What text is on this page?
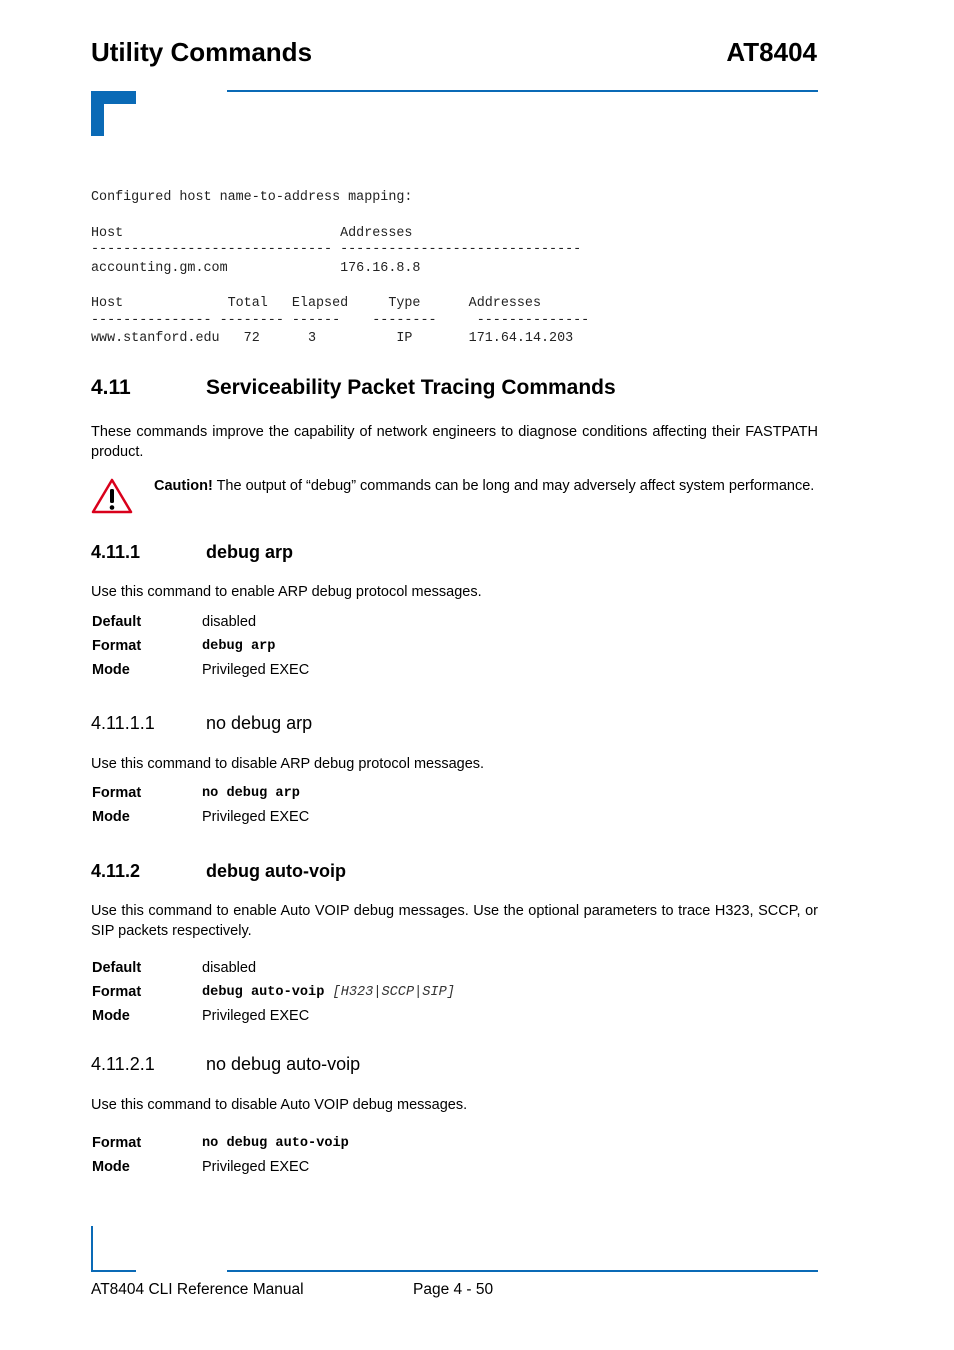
Utility Commands	AT8404
Configured host name-to-address mapping:
Host                           Addresses
------------------------------ ------------------------------
accounting.gm.com              176.16.8.8
Host             Total   Elapsed     Type      Addresses
--------------- -------- ------    --------     --------------
www.stanford.edu   72      3          IP       171.64.14.203
4.11	Serviceability Packet Tracing Commands
These commands improve the capability of network engineers to diagnose conditions affecting their FASTPATH product.
Caution! The output of “debug” commands can be long and may adversely affect system performance.
4.11.1	debug arp
Use this command to enable ARP debug protocol messages.
Default	disabled
Format	debug arp
Mode	Privileged EXEC
4.11.1.1	no debug arp
Use this command to disable ARP debug protocol messages.
Format	no debug arp
Mode	Privileged EXEC
4.11.2	debug auto-voip
Use this command to enable Auto VOIP debug messages. Use the optional parameters to trace H323, SCCP, or SIP packets respectively.
Default	disabled
Format	debug auto-voip [H323|SCCP|SIP]
Mode	Privileged EXEC
4.11.2.1	no debug auto-voip
Use this command to disable Auto VOIP debug messages.
Format	no debug auto-voip
Mode	Privileged EXEC
AT8404 CLI Reference Manual	Page 4 - 50
